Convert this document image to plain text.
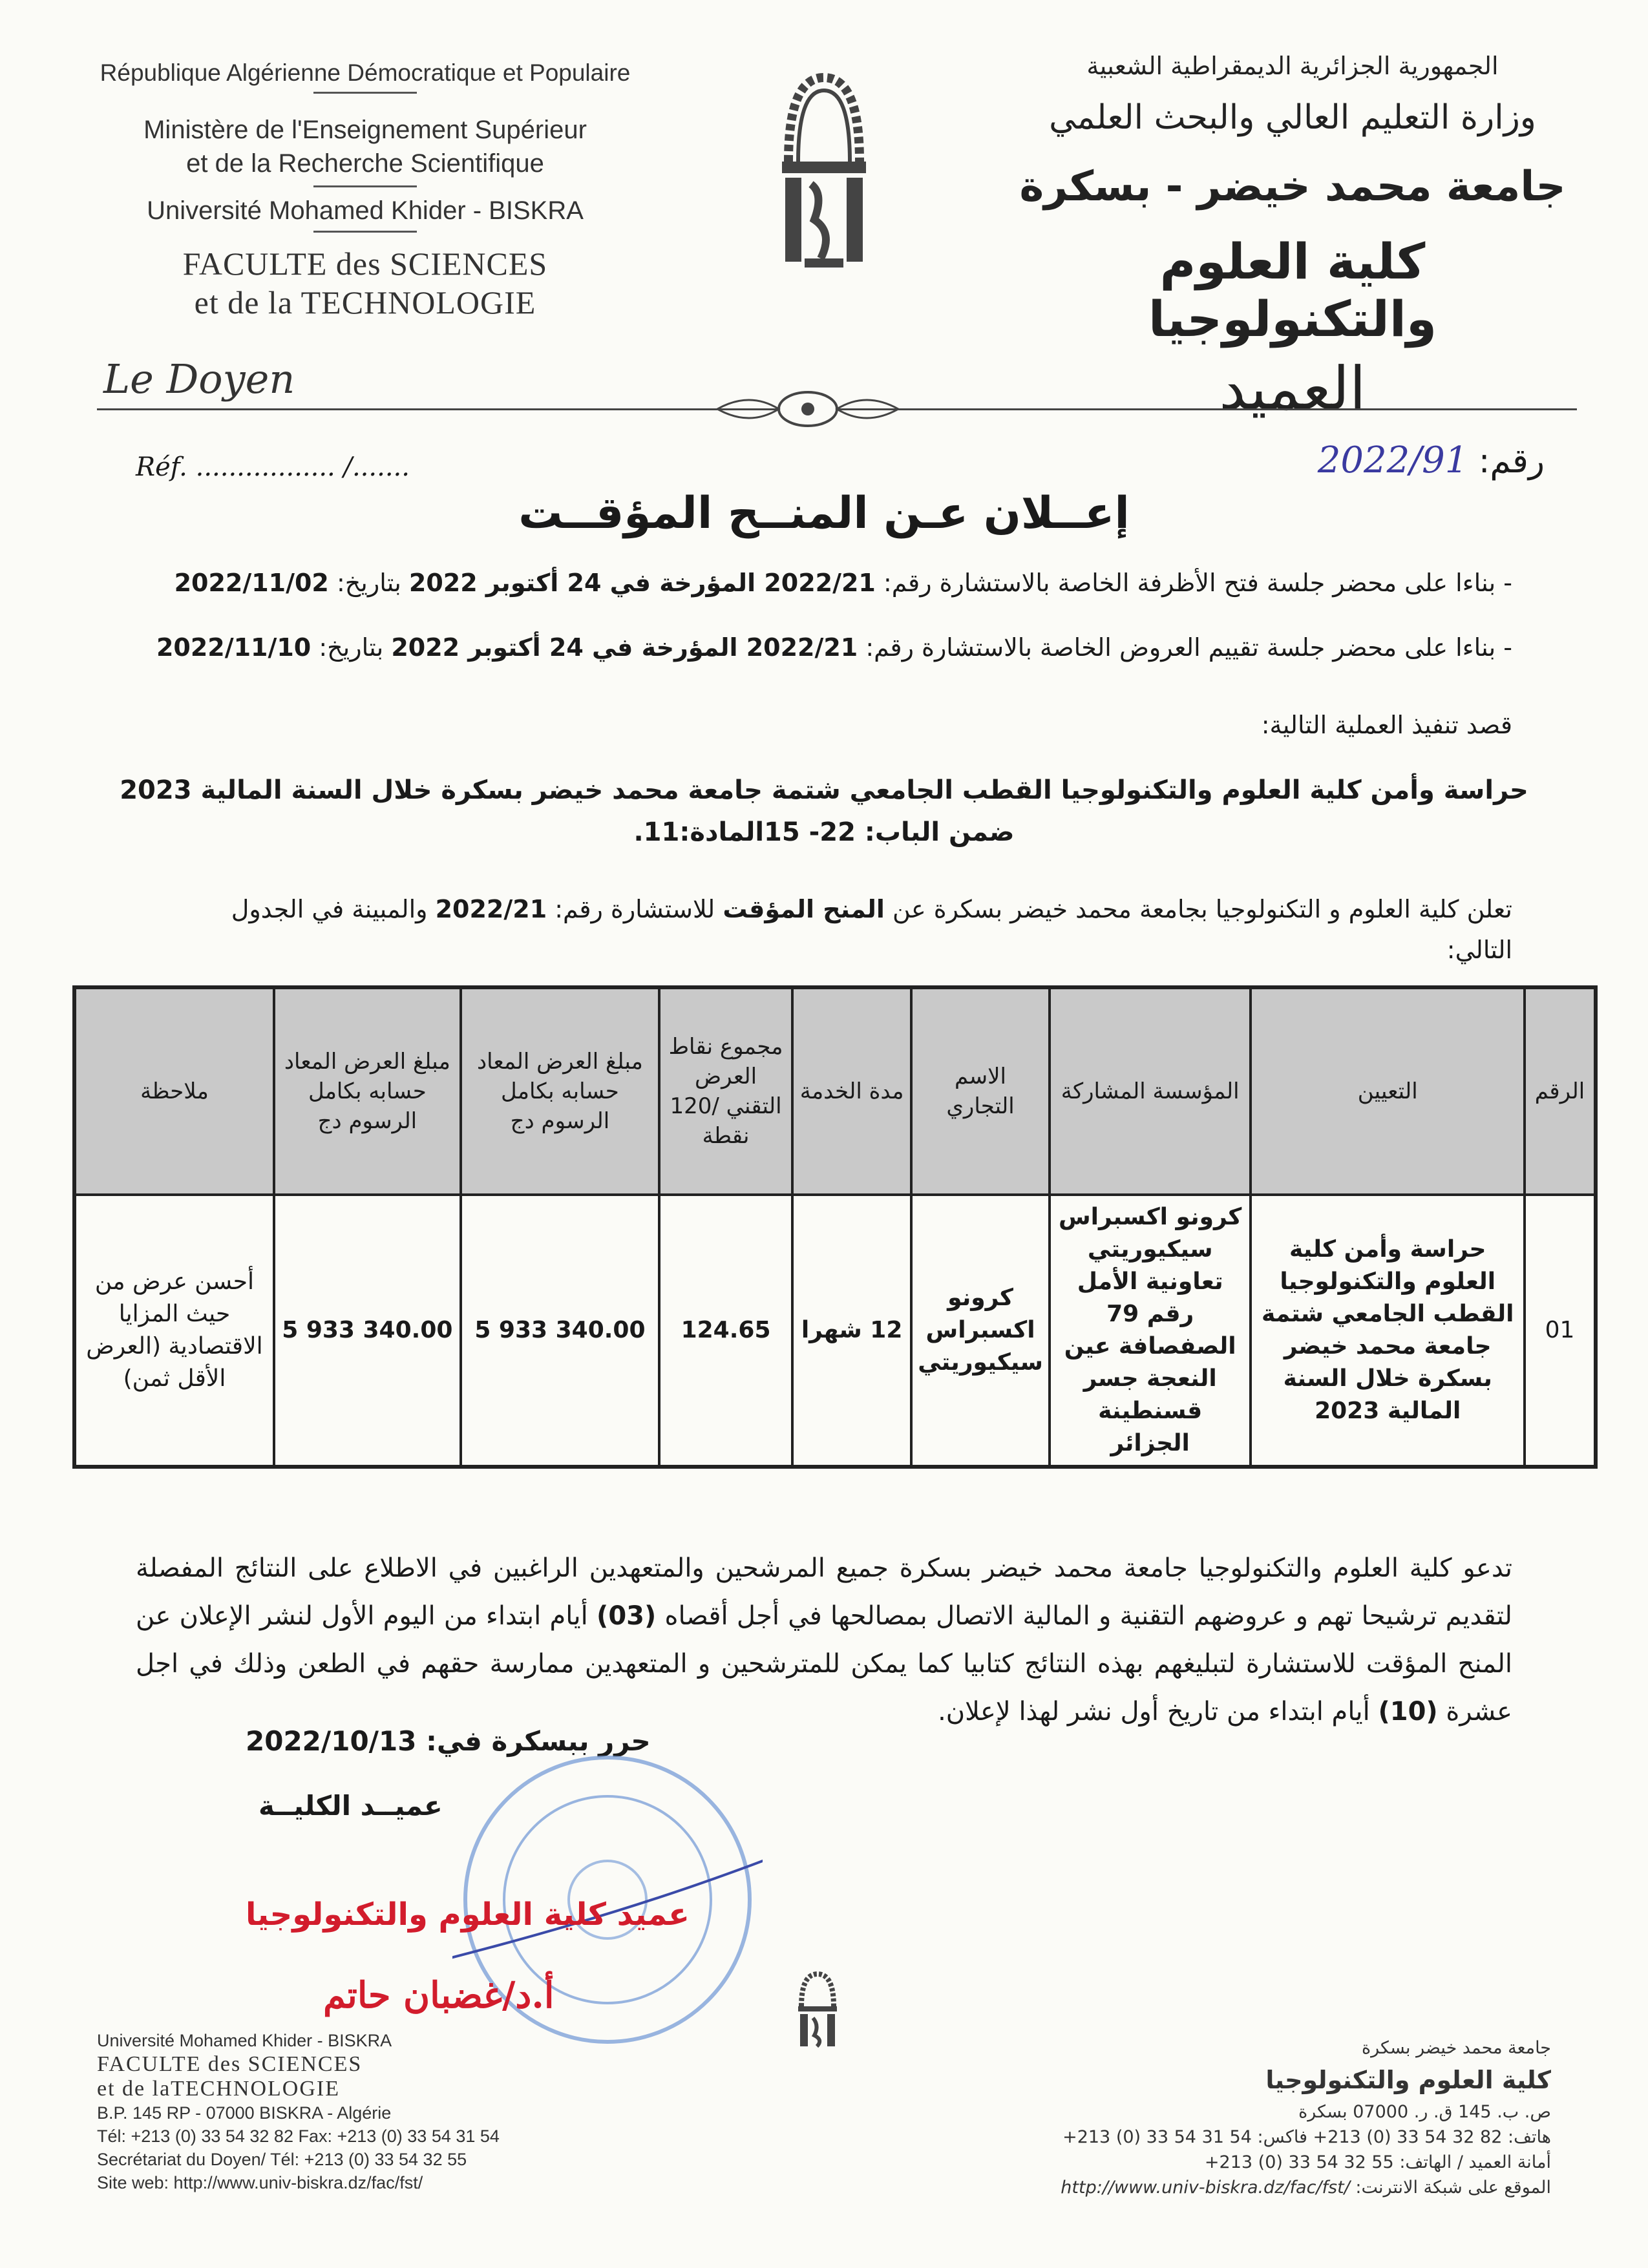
République Algérienne Démocratique et Populaire
Ministère de l'Enseignement Supérieur
et de la Recherche Scientifique
Université Mohamed Khider - BISKRA
FACULTE des SCIENCES
et de la TECHNOLOGIE
Le Doyen
الجمهورية الجزائرية الديمقراطية الشعبية
وزارة التعليم العالي والبحث العلمي
جامعة محمد خيضر - بسكرة
كلية العلوم والتكنولوجيا
العميد
Réf. ................. /.......	رقم: 2022/91
إعــلان عـن المنــح المؤقــت
- بناءا على محضر جلسة فتح الأظرفة الخاصة بالاستشارة رقم: 2022/21 المؤرخة في 24 أكتوبر 2022 بتاريخ: 2022/11/02
- بناءا على محضر جلسة تقييم العروض الخاصة بالاستشارة رقم: 2022/21 المؤرخة في 24 أكتوبر 2022 بتاريخ: 2022/11/10
قصد تنفيذ العملية التالية:
حراسة وأمن كلية العلوم والتكنولوجيا القطب الجامعي شتمة جامعة محمد خيضر بسكرة خلال السنة المالية 2023
ضمن الباب: 22- 15المادة:11.
تعلن كلية العلوم و التكنولوجيا بجامعة محمد خيضر بسكرة عن المنح المؤقت للاستشارة رقم: 2022/21 والمبينة في الجدول
التالي:
الرقم	التعيين	المؤسسة المشاركة	الاسم التجاري	مدة الخدمة	مجموع نقاط العرض التقني /120 نقطة	مبلغ العرض المعاد حسابه بكامل الرسوم دج	مبلغ العرض المعاد حسابه بكامل الرسوم دج	ملاحظة
01	حراسة وأمن كلية العلوم والتكنولوجيا القطب الجامعي شتمة جامعة محمد خيضر بسكرة خلال السنة المالية 2023	كرونو اكسبراس سيكيوريتي تعاونية الأمل رقم 79 الصفصافة عين النعجة جسر قسنطينة الجزائر	كرونو اكسبراس سيكيوريتي	12 شهرا	124.65	5 933 340.00	5 933 340.00	أحسن عرض من حيث المزايا الاقتصادية (العرض الأقل ثمن)
تدعو كلية العلوم والتكنولوجيا جامعة محمد خيضر بسكرة جميع المرشحين والمتعهدين الراغبين في الاطلاع على النتائج المفصلة لتقديم ترشيحا تهم و عروضهم التقنية و المالية الاتصال بمصالحها في أجل أقصاه (03) أيام ابتداء من اليوم الأول لنشر الإعلان عن المنح المؤقت للاستشارة لتبليغهم بهذه النتائج كتابيا كما يمكن للمترشحين و المتعهدين ممارسة حقهم في الطعن وذلك في اجل عشرة (10) أيام ابتداء من تاريخ أول نشر لهذا لإعلان.
حرر ببسكرة في: 2022/10/13
عميــد الكليــة
عميد كلية العلوم والتكنولوجيا
أ.د/غضبان حاتم
Université Mohamed Khider - BISKRA
FACULTE des SCIENCES
et de laTECHNOLOGIE
B.P. 145 RP - 07000 BISKRA - Algérie
Tél: +213 (0) 33 54 32 82 Fax: +213 (0) 33 54 31 54
Secrétariat du Doyen/ Tél: +213 (0) 33 54 32 55
Site web: http://www.univ-biskra.dz/fac/fst/
جامعة محمد خيضر بسكرة
كلية العلوم والتكنولوجيا
ص. ب. 145 ق. ر. 07000 بسكرة
هاتف: 82 32 54 33 (0) 213+ فاكس: 54 31 54 33 (0) 213+
أمانة العميد / الهاتف: 55 32 54 33 (0) 213+
الموقع على شبكة الانترنت: http://www.univ-biskra.dz/fac/fst/
